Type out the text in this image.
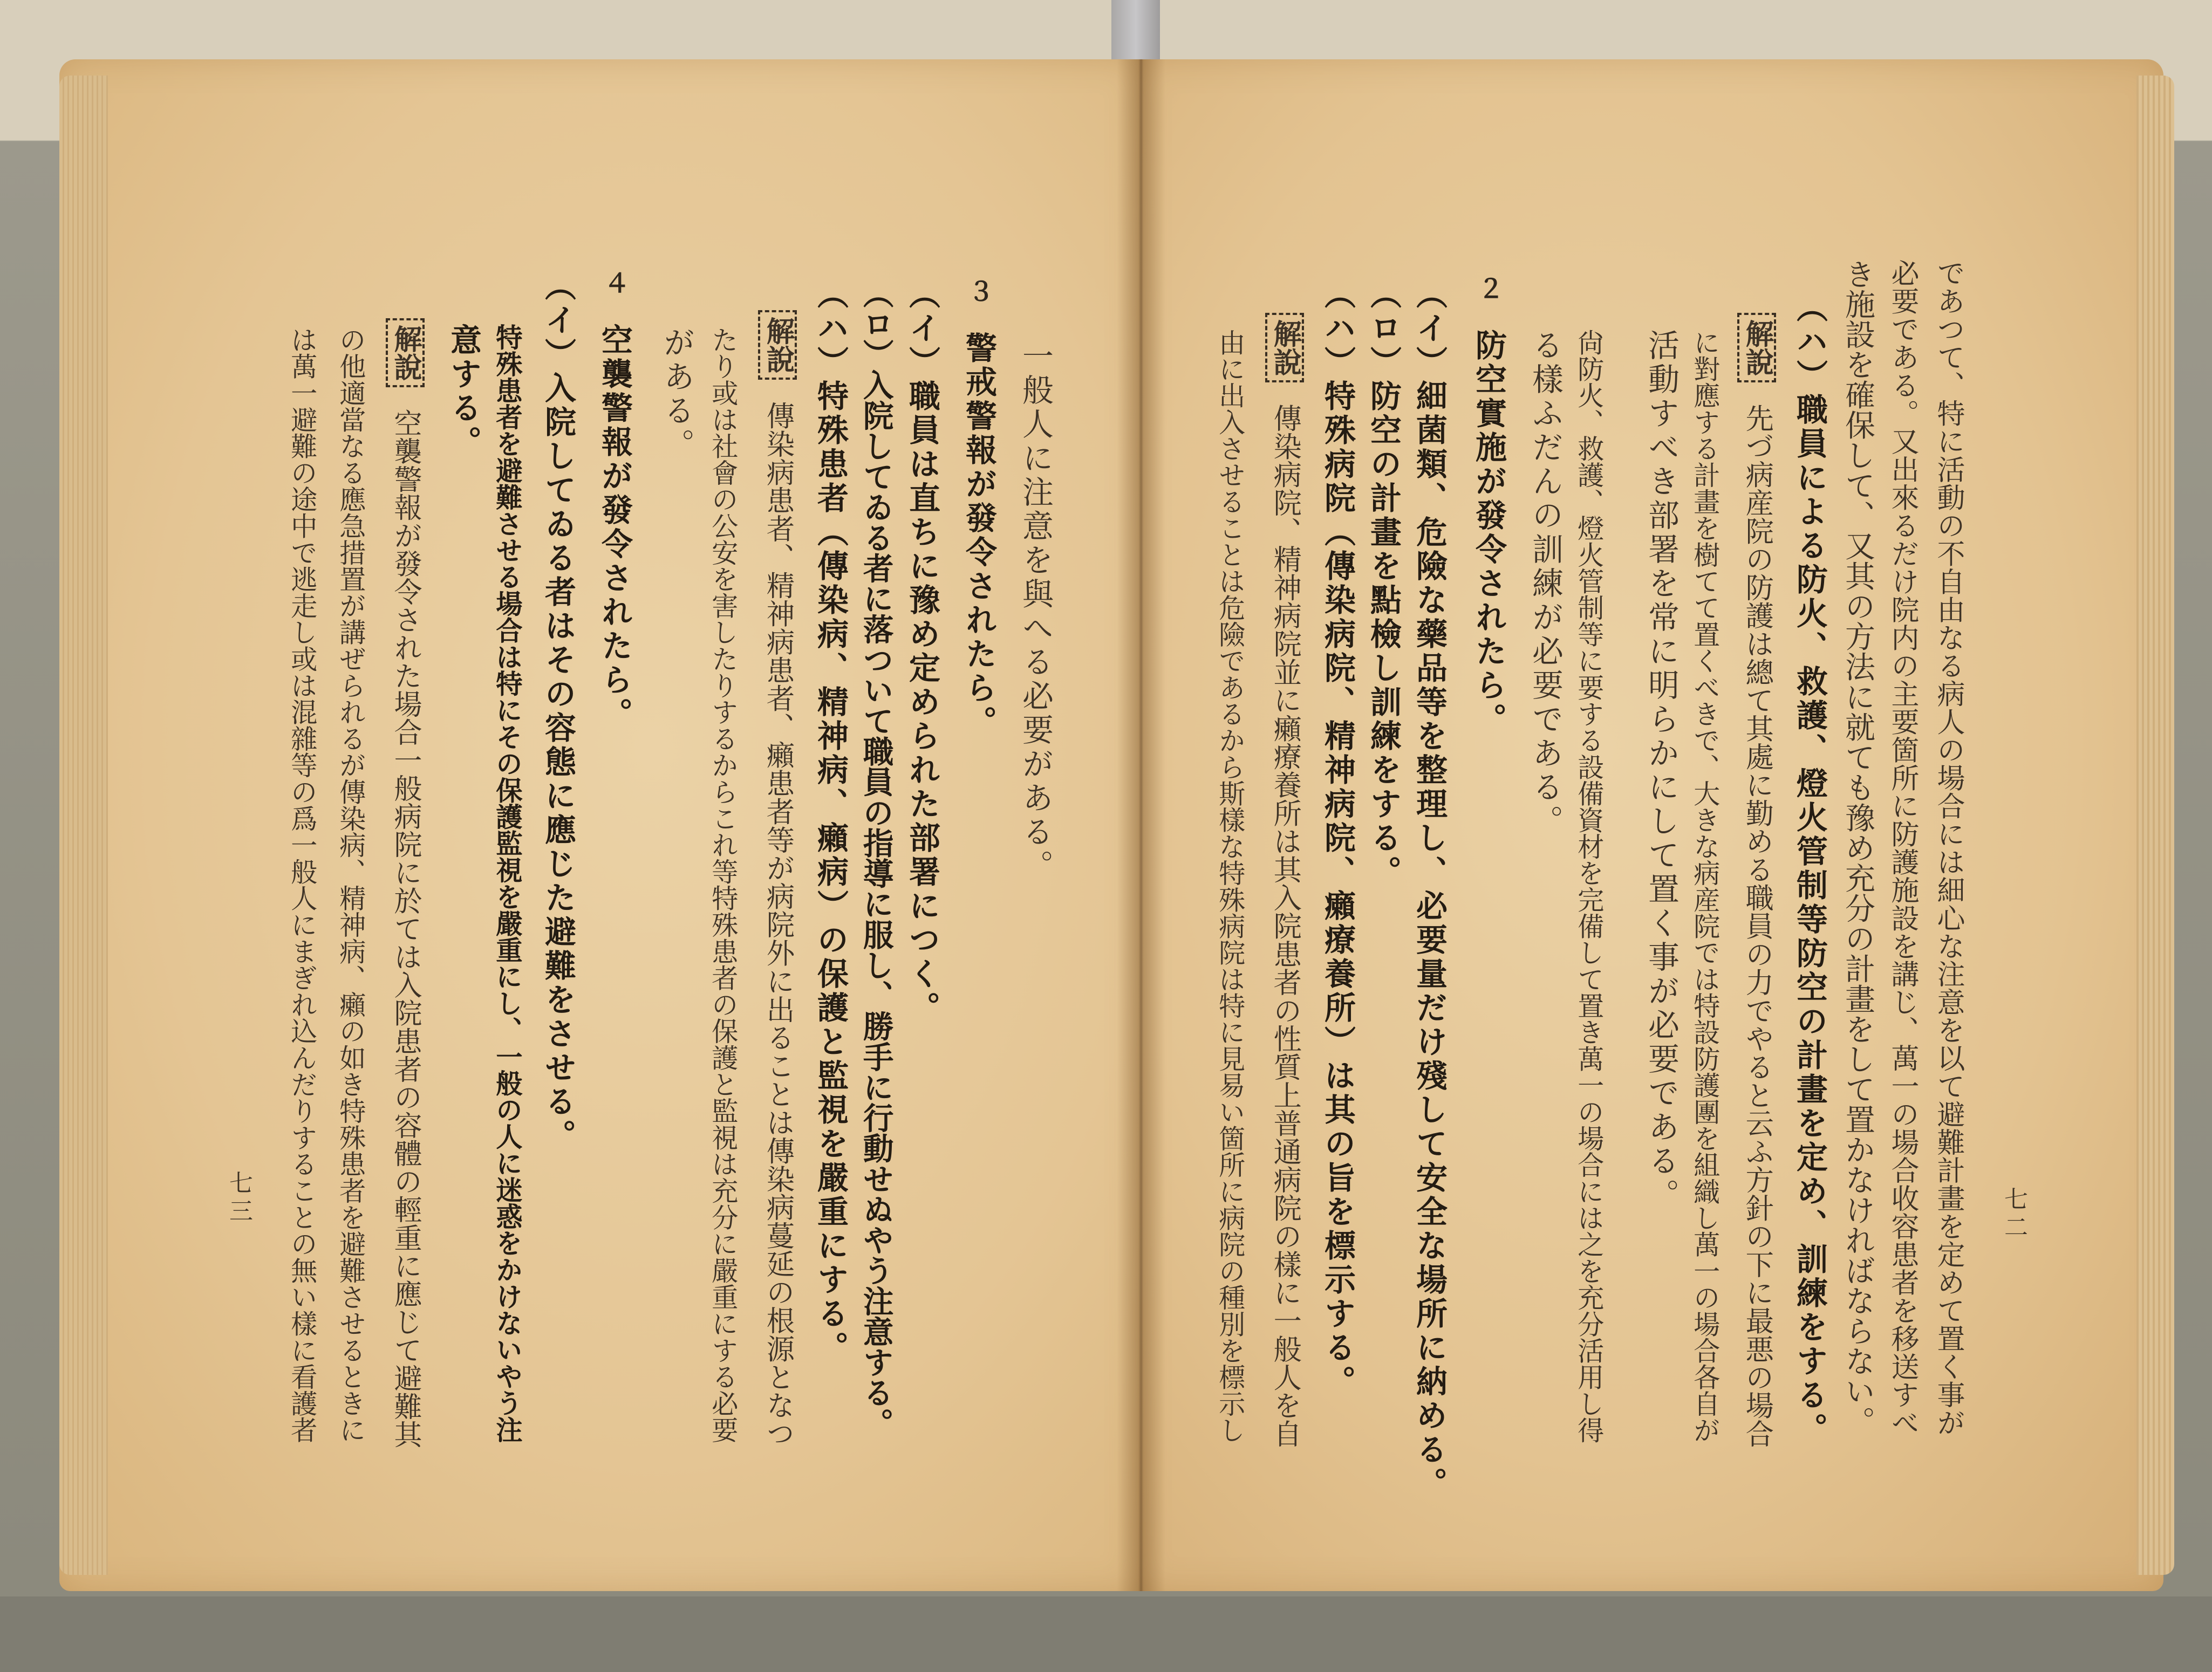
であつて、特に活動の不自由なる病人の場合には細心な注意を以て避難計畫を定めて置く事が
必要である。又出來るだけ院内の主要箇所に防護施設を講じ、萬一の場合收容患者を移送すべ
き施設を確保して、又其の方法に就ても豫め充分の計畫をして置かなければならない。
（ハ）職員による防火、救護、燈火管制等防空の計畫を定め、訓練をする。
解說先づ病産院の防護は總て其處に勤める職員の力でやると云ふ方針の下に最悪の場合
に對應する計畫を樹てて置くべきで、大きな病産院では特設防護團を組織し萬一の場合各自が
活動すべき部署を常に明らかにして置く事が必要である。
尙防火、救護、燈火管制等に要する設備資材を完備して置き萬一の場合には之を充分活用し得
る樣ふだんの訓練が必要である。
２
防空實施が發令されたら。
（イ）細菌類、危險な藥品等を整理し、必要量だけ殘して安全な場所に納める。
（ロ）防空の計畫を點檢し訓練をする。
（ハ）特殊病院（傳染病院、精神病院、癩療養所）は其の旨を標示する。
解說傳染病院、精神病院並に癩療養所は其入院患者の性質上普通病院の樣に一般人を自
由に出入させることは危險であるから斯樣な特殊病院は特に見易い箇所に病院の種別を標示し	七二
一般人に注意を與へる必要がある。
３
警戒警報が發令されたら。
（イ）職員は直ちに豫め定められた部署につく。
（ロ）入院してゐる者に落ついて職員の指導に服し、勝手に行動せぬやう注意する。
（ハ）特殊患者（傳染病、精神病、癩病）の保護と監視を嚴重にする。
解說傳染病患者、精神病患者、癩患者等が病院外に出ることは傳染病蔓延の根源となつ
たり或は社會の公安を害したりするからこれ等特殊患者の保護と監視は充分に嚴重にする必要
がある。
４
空襲警報が發令されたら。
（イ）入院してゐる者はその容態に應じた避難をさせる。
特殊患者を避難させる場合は特にその保護監視を嚴重にし、一般の人に迷惑をかけないやう注
意する。
解說空襲警報が發令された場合一般病院に於ては入院患者の容體の輕重に應じて避難其
の他適當なる應急措置が講ぜられるが傳染病、精神病、癩の如き特殊患者を避難させるときに
は萬一避難の途中で逃走し或は混雜等の爲一般人にまぎれ込んだりすることの無い樣に看護者
七三
